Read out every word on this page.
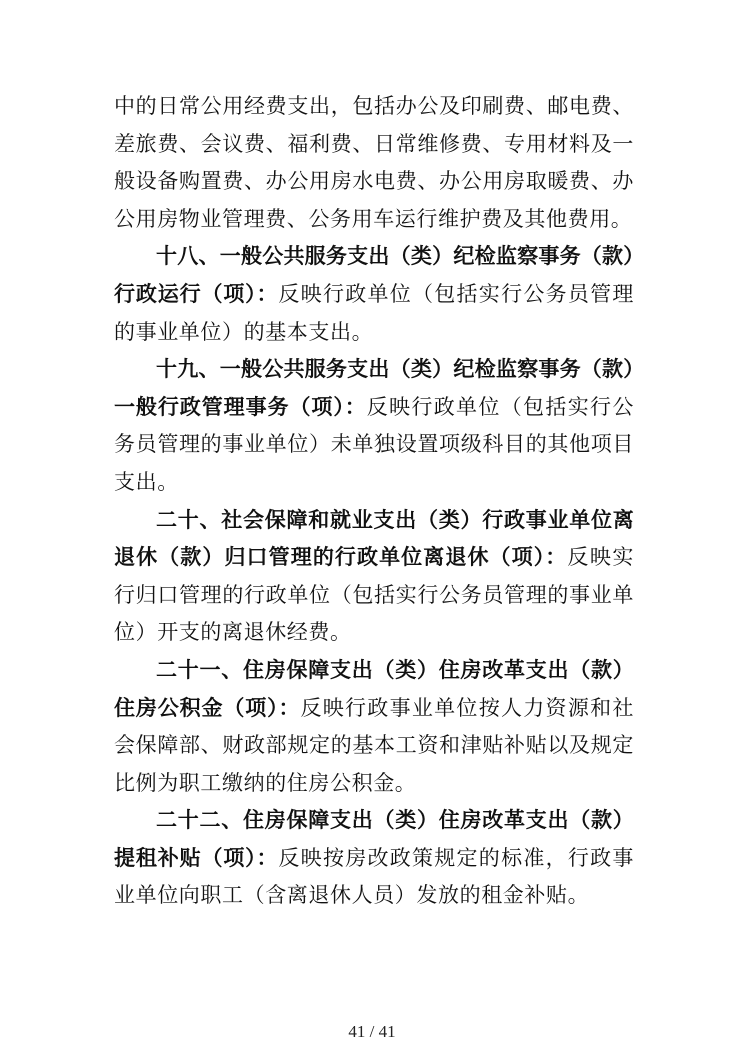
中的日常公用经费支出，包括办公及印刷费、邮电费、差旅费、会议费、福利费、日常维修费、专用材料及一般设备购置费、办公用房水电费、办公用房取暖费、办公用房物业管理费、公务用车运行维护费及其他费用。

十八、一般公共服务支出（类）纪检监察事务（款）行政运行（项）：反映行政单位（包括实行公务员管理的事业单位）的基本支出。

十九、一般公共服务支出（类）纪检监察事务（款）一般行政管理事务（项）：反映行政单位（包括实行公务员管理的事业单位）未单独设置项级科目的其他项目支出。

二十、社会保障和就业支出（类）行政事业单位离退休（款）归口管理的行政单位离退休（项）：反映实行归口管理的行政单位（包括实行公务员管理的事业单位）开支的离退休经费。

二十一、住房保障支出（类）住房改革支出（款）住房公积金（项）：反映行政事业单位按人力资源和社会保障部、财政部规定的基本工资和津贴补贴以及规定比例为职工缴纳的住房公积金。

二十二、住房保障支出（类）住房改革支出（款）提租补贴（项）：反映按房改政策规定的标准，行政事业单位向职工（含离退休人员）发放的租金补贴。

41 / 41
